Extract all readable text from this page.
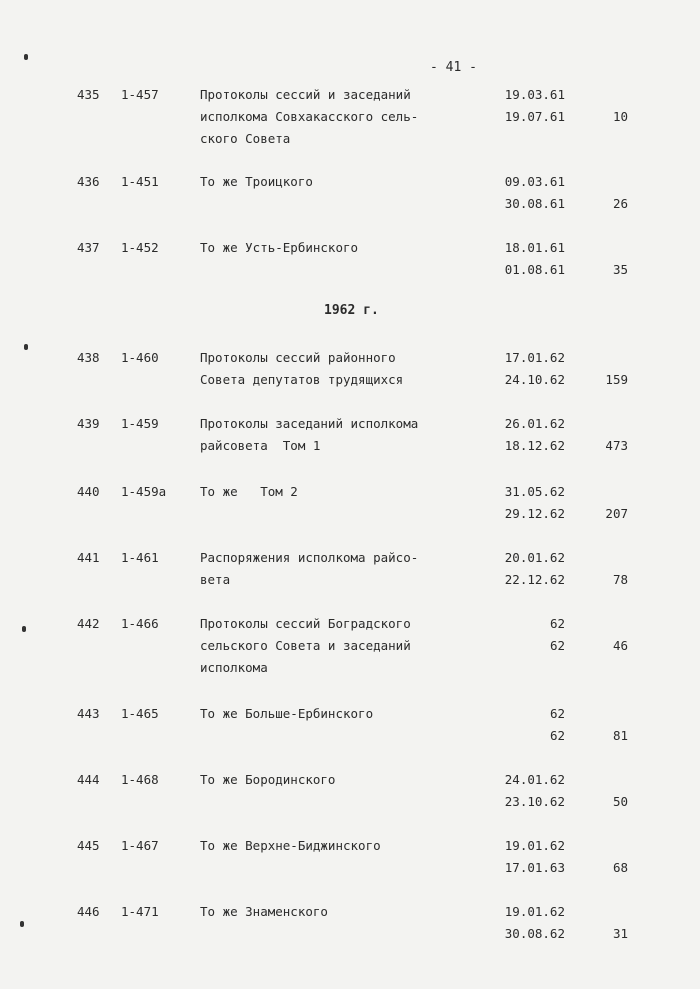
- 41 -
1962 г.
435 1-457	Протоколы сессий и заседаний
исполкома Совхакасского сель-
ского Совета
19.03.61
19.07.61	10
436 1-451	То же Троицкого	09.03.61
30.08.61	26
437 1-452	То же Усть-Ербинского	18.01.61
01.08.61	35
438 1-460	Протоколы сессий районного
Совета депутатов трудящихся
17.01.62
24.10.62	159
439 1-459	Протоколы заседаний исполкома
райсовета  Том 1
26.01.62
18.12.62	473
440 1-459а	То же   Том 2	31.05.62
29.12.62	207
441 1-461	Распоряжения исполкома райсо-
вета
20.01.62
22.12.62	78
442 1-466	Протоколы сессий Боградского
сельского Совета и заседаний
исполкома
62
62	46
443 1-465	То же Больше-Ербинского	62
62	81
444 1-468	То же Бородинского	24.01.62
23.10.62	50
445 1-467	То же Верхне-Биджинского	19.01.62
17.01.63	68
446 1-471	То же Знаменского	19.01.62
30.08.62	31
